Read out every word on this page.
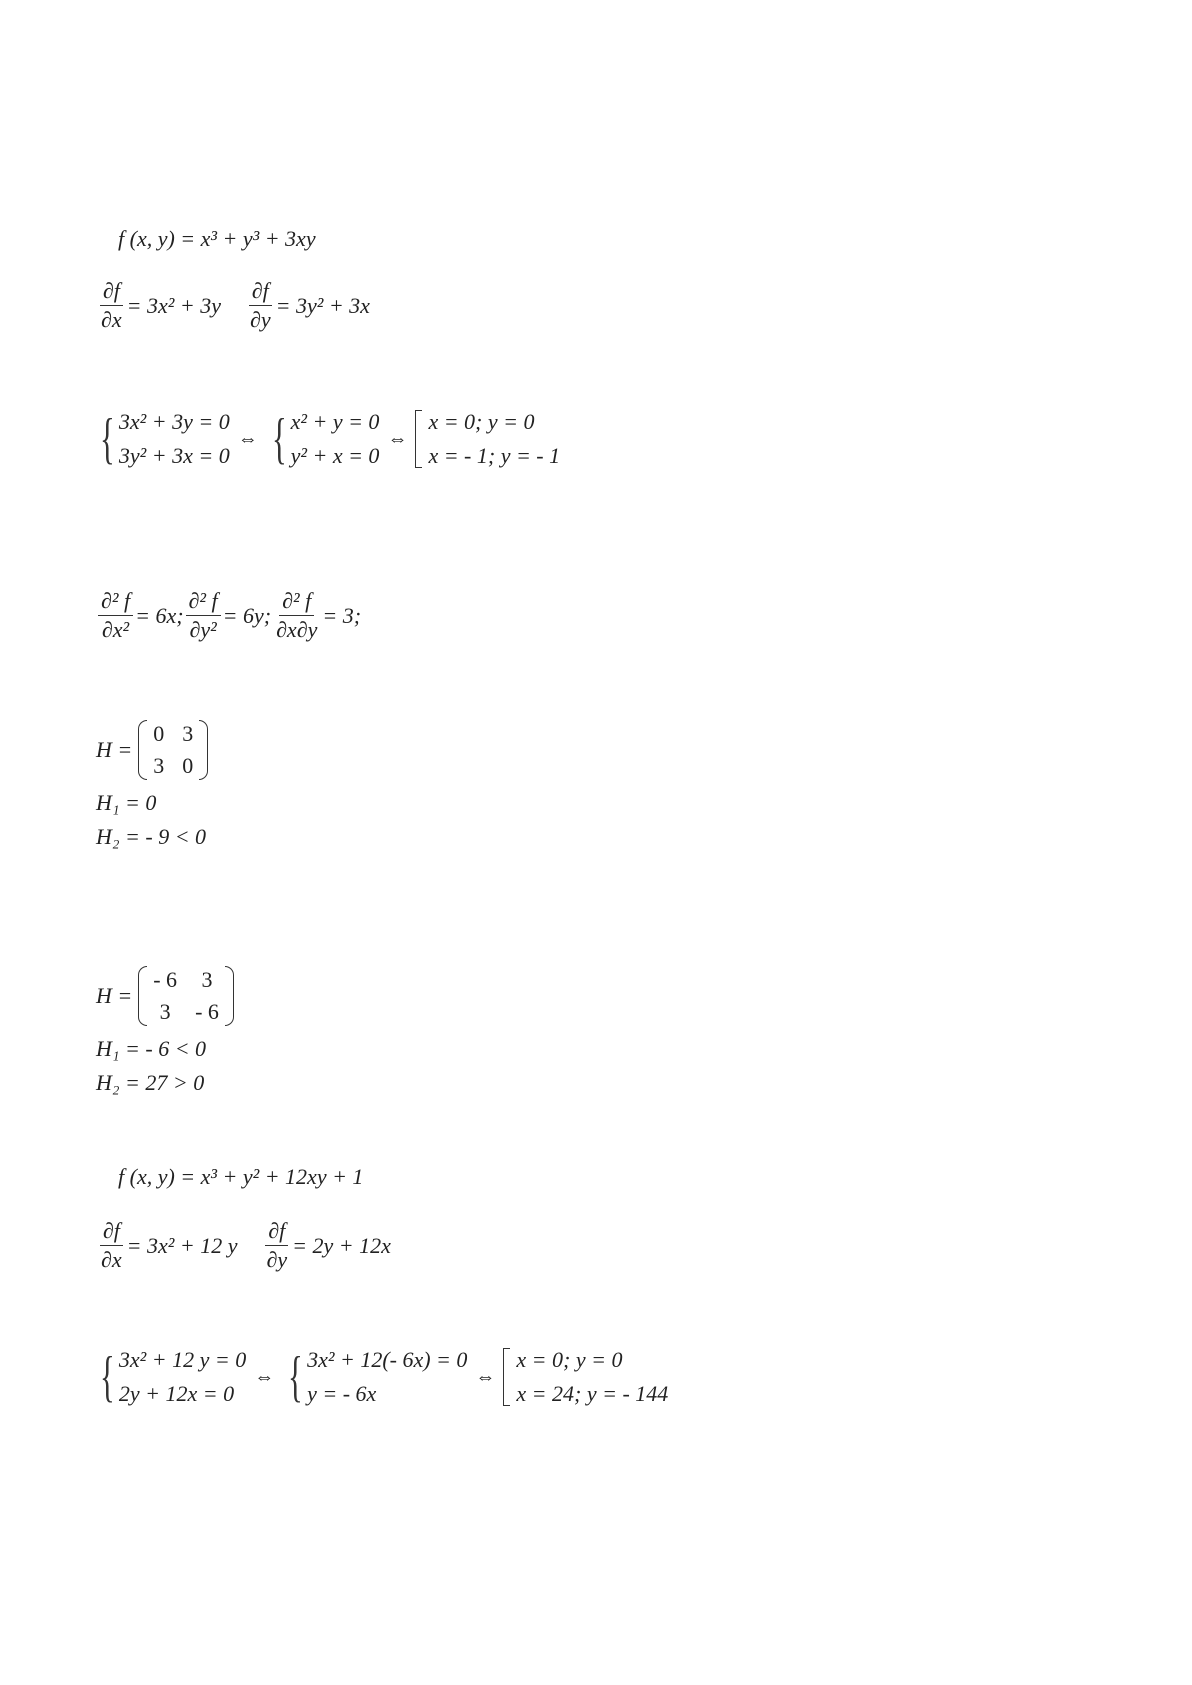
f (x, y) = x³ + y³ + 3xy
$\frac{\partial f}{\partial x} = 3x^2 + 3y \frac{\partial f}{\partial y} = 3y^2 + 3x$
{ 3x² + 3y = 0
3y² + 3x = 0
⇔ { x² + y = 0
y² + x = 0
⇔
x = 0; y = 0
x = - 1; y = - 1
$\frac{\text{∂² f}}{\text{∂x²}} = 6x$; $\frac{\text{∂² f}}{\text{∂y²}} = 6y$; $\frac{\text{∂² f}}{\partial x\partial y} = 3$;
H =
0 3
3 0
H₁ = 0
H₂ = - 9 < 0
H =
- 6 3
3 - 6
H₁ = - 6 < 0
H₂ = 27 > 0
f (x, y) = x³ + y² + 12xy + 1
$\frac{\partial f}{\partial x} = 3x^2 + 12$ y $\frac{\partial f}{\partial y} = 2y + 12x$
{ 3x² + 12 y = 0
2y + 12x = 0
⇔ { 3x² + 12(- 6x) = 0
y = - 6x
⇔
x = 0; y = 0
x = 24; y = - 144
